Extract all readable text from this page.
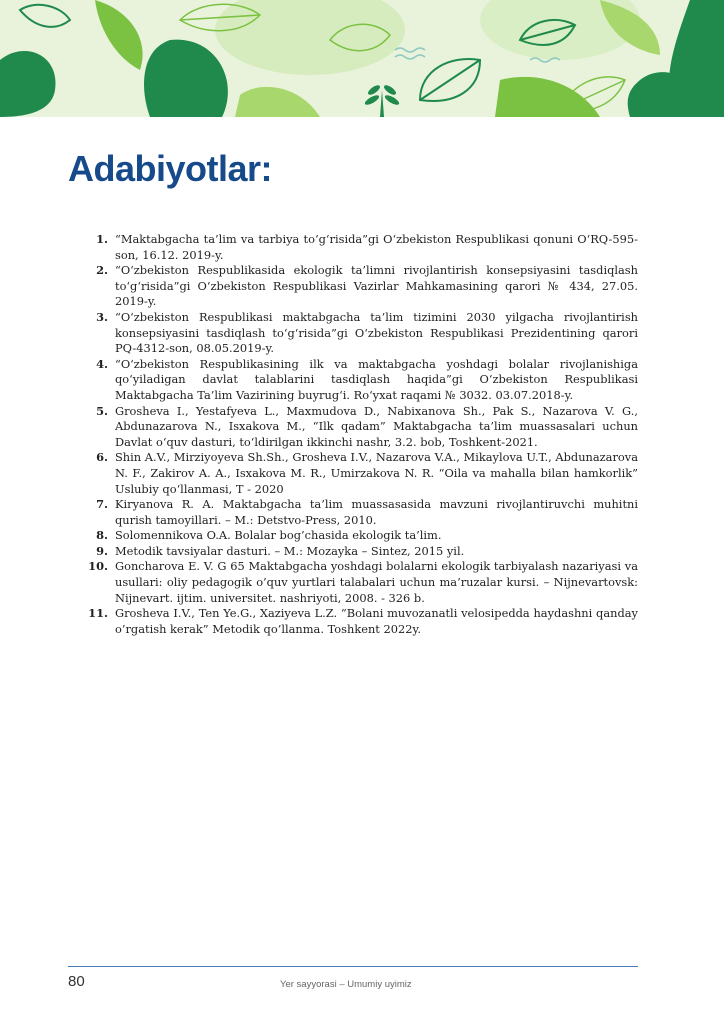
Adabiyotlar:
1. “Maktabgacha ta’lim va tarbiya to‘g‘risida”gi O‘zbekiston Respublikasi qonuni O‘RQ-595-son, 16.12. 2019-y.
2. “O‘zbekiston Respublikasida ekologik ta’limni rivojlantirish konsepsiyasini tasdiqlash to‘g‘risida”gi O‘zbekiston Respublikasi Vazirlar Mahkamasining qarori № 434, 27.05. 2019-y.
3. “O‘zbekiston Respublikasi maktabgacha ta’lim tizimini 2030 yilgacha rivojlantirish konsepsiyasini tasdiqlash to‘g‘risida”gi O‘zbekiston Respublikasi Prezidentining qarori PQ-4312-son, 08.05.2019-y.
4. “O‘zbekiston Respublikasining ilk va maktabgacha yoshdagi bolalar rivojlanishiga qo‘yiladigan davlat talablarini tasdiqlash haqida”gi O‘zbekiston Respublikasi Maktabgacha Ta’lim Vazirining buyrug‘i. Ro‘yxat raqami № 3032. 03.07.2018-y.
5. Grosheva I., Yestafyeva L., Maxmudova D., Nabixanova Sh., Pak S., Nazarova V. G., Abdunazarova N., Isxakova M., “Ilk qadam” Maktabgacha ta’lim muassasalari uchun Davlat o‘quv dasturi, to‘ldirilgan ikkinchi nashr, 3.2. bob, Toshkent-2021.
6. Shin A.V., Mirziyoyeva Sh.Sh., Grosheva I.V., Nazarova V.A., Mikaylova U.T., Abdunazarova N. F., Zakirov A. A., Isxakova M. R., Umirzakova N. R. “Oila va mahalla bilan hamkorlik” Uslubiy qo‘llanmasi, T - 2020
7. Kiryanova R. A. Maktabgacha ta’lim muassasasida mavzuni rivojlantiruvchi muhitni qurish tamoyillari. – M.: Detstvo-Press, 2010.
8. Solomennikova O.A. Bolalar bog’chasida ekologik ta’lim.
9. Metodik tavsiyalar dasturi. – M.: Mozayka – Sintez, 2015 yil.
10. Goncharova E. V. G 65 Maktabgacha yoshdagi bolalarni ekologik tarbiyalash nazariyasi va usullari: oliy pedagogik o’quv yurtlari talabalari uchun ma’ruzalar kursi. – Nijnevartovsk: Nijnevart. ijtim. universitet. nashriyoti, 2008. - 326 b.
11. Grosheva I.V., Ten Ye.G., Xaziyeva L.Z. “Bolani muvozanatli velosipedda haydashni qanday o’rgatish kerak” Metodik qo’llanma. Toshkent 2022y.
80	Yer sayyorasi – Umumiy uyimiz
